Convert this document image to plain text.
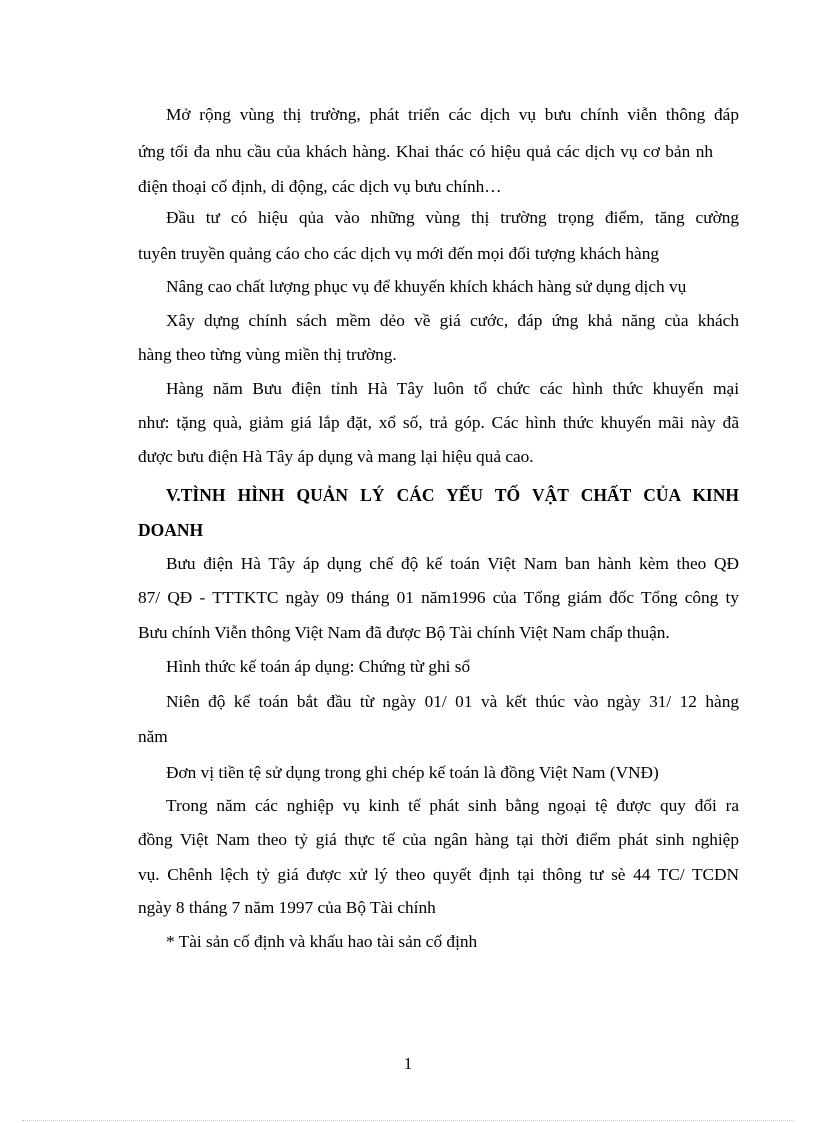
Mở rộng vùng thị trường, phát triển các dịch vụ bưu chính viễn thông đáp
ứng tối đa nhu cầu của khách hàng. Khai thác có hiệu quả các dịch vụ cơ bản nh
điện thoại cố định, di động, các dịch vụ bưu chính…
Đầu tư có hiệu qủa vào những vùng thị trường trọng điểm, tăng cường
tuyên truyền quảng cáo cho các dịch vụ mới đến mọi đối tượng khách hàng
Nâng cao chất lượng phục vụ để khuyến khích khách hàng sử dụng dịch vụ
Xây dựng chính sách mềm dẻo về giá cước, đáp ứng khả năng của khách
hàng theo từng vùng miền thị trường.
Hàng năm Bưu điện tỉnh Hà Tây luôn tổ chức các hình thức khuyến mại
như: tặng quà, giảm giá lắp đặt, xổ số, trả góp. Các hình thức khuyến mãi này đã
được bưu điện Hà Tây áp dụng và mang lại hiệu quả cao.
V.TÌNH HÌNH QUẢN LÝ CÁC YẾU TỐ VẬT CHẤT CỦA KINH
DOANH
Bưu điện Hà Tây áp dụng chế độ kế toán Việt Nam ban hành kèm theo QĐ
87/ QĐ - TTTKTC ngày 09 tháng 01 năm1996 của Tổng giám đốc Tổng công ty
Bưu chính Viễn thông Việt Nam đã được Bộ Tài chính Việt Nam chấp thuận.
Hình thức kế toán áp dụng: Chứng từ ghi sổ
Niên độ kế toán bắt đầu từ ngày 01/ 01 và kết thúc vào ngày 31/ 12 hàng
năm
Đơn vị tiền tệ sử dụng trong ghi chép kế toán là đồng Việt Nam (VNĐ)
Trong năm các nghiệp vụ kinh tế phát sinh bằng ngoại tệ được quy đổi ra
đồng Việt Nam theo tỷ giá thực tế của ngân hàng tại thời điểm phát sinh nghiệp
vụ. Chênh lệch tỷ giá được xử lý theo quyết định tại thông tư sè 44 TC/ TCDN
ngày 8 tháng 7 năm 1997 của Bộ Tài chính
* Tài sản cố định và khấu hao tài sản cố định
1
